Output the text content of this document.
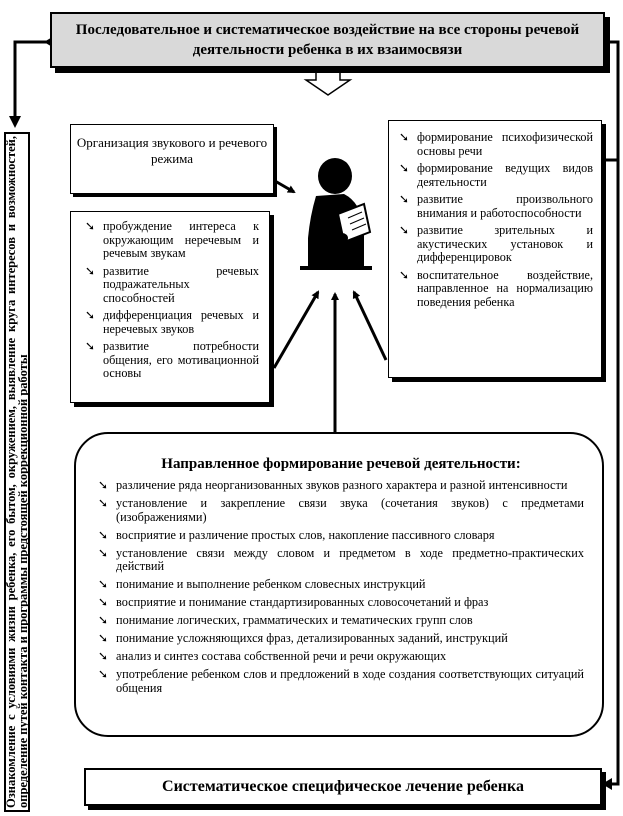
Последовательное и систематическое воздействие на все стороны речевой деятельности ребенка в их взаимосвязи
Ознакомление с условиями жизни ребенка, его бытом, окружением, выявление круга интересов и возможностей, определение путей контакта и программы предстоящей коррекционной работы
Организация звукового и речевого режима
➘ пробуждение интереса к окружающим неречевым и речевым звукам
➘ развитие речевых подражательных способностей
➘ дифференциация речевых и неречевых звуков
➘ развитие потребности общения, его мотивационной основы
➘ формирование психофизической основы речи
➘ формирование ведущих видов деятельности
➘ развитие произвольного внимания и работоспособности
➘ развитие зрительных и акустических установок и дифференцировок
➘ воспитательное воздействие, направленное на нормализацию поведения ребенка
Направленное формирование речевой деятельности:
➘ различение ряда неорганизованных звуков разного характера и разной интенсивности
➘ установление и закрепление связи звука (сочетания звуков) с предметами (изображениями)
➘ восприятие и различение простых слов, накопление пассивного словаря
➘ установление связи между словом и предметом в ходе предметно-практических действий
➘ понимание и выполнение ребенком словесных инструкций
➘ восприятие и понимание стандартизированных словосочетаний и фраз
➘ понимание логических, грамматических и тематических групп слов
➘ понимание усложняющихся фраз, детализированных заданий, инструкций
➘ анализ и синтез состава собственной речи и речи окружающих
➘ употребление ребенком слов и предложений в ходе создания соответствующих ситуаций общения
Систематическое специфическое лечение ребенка
